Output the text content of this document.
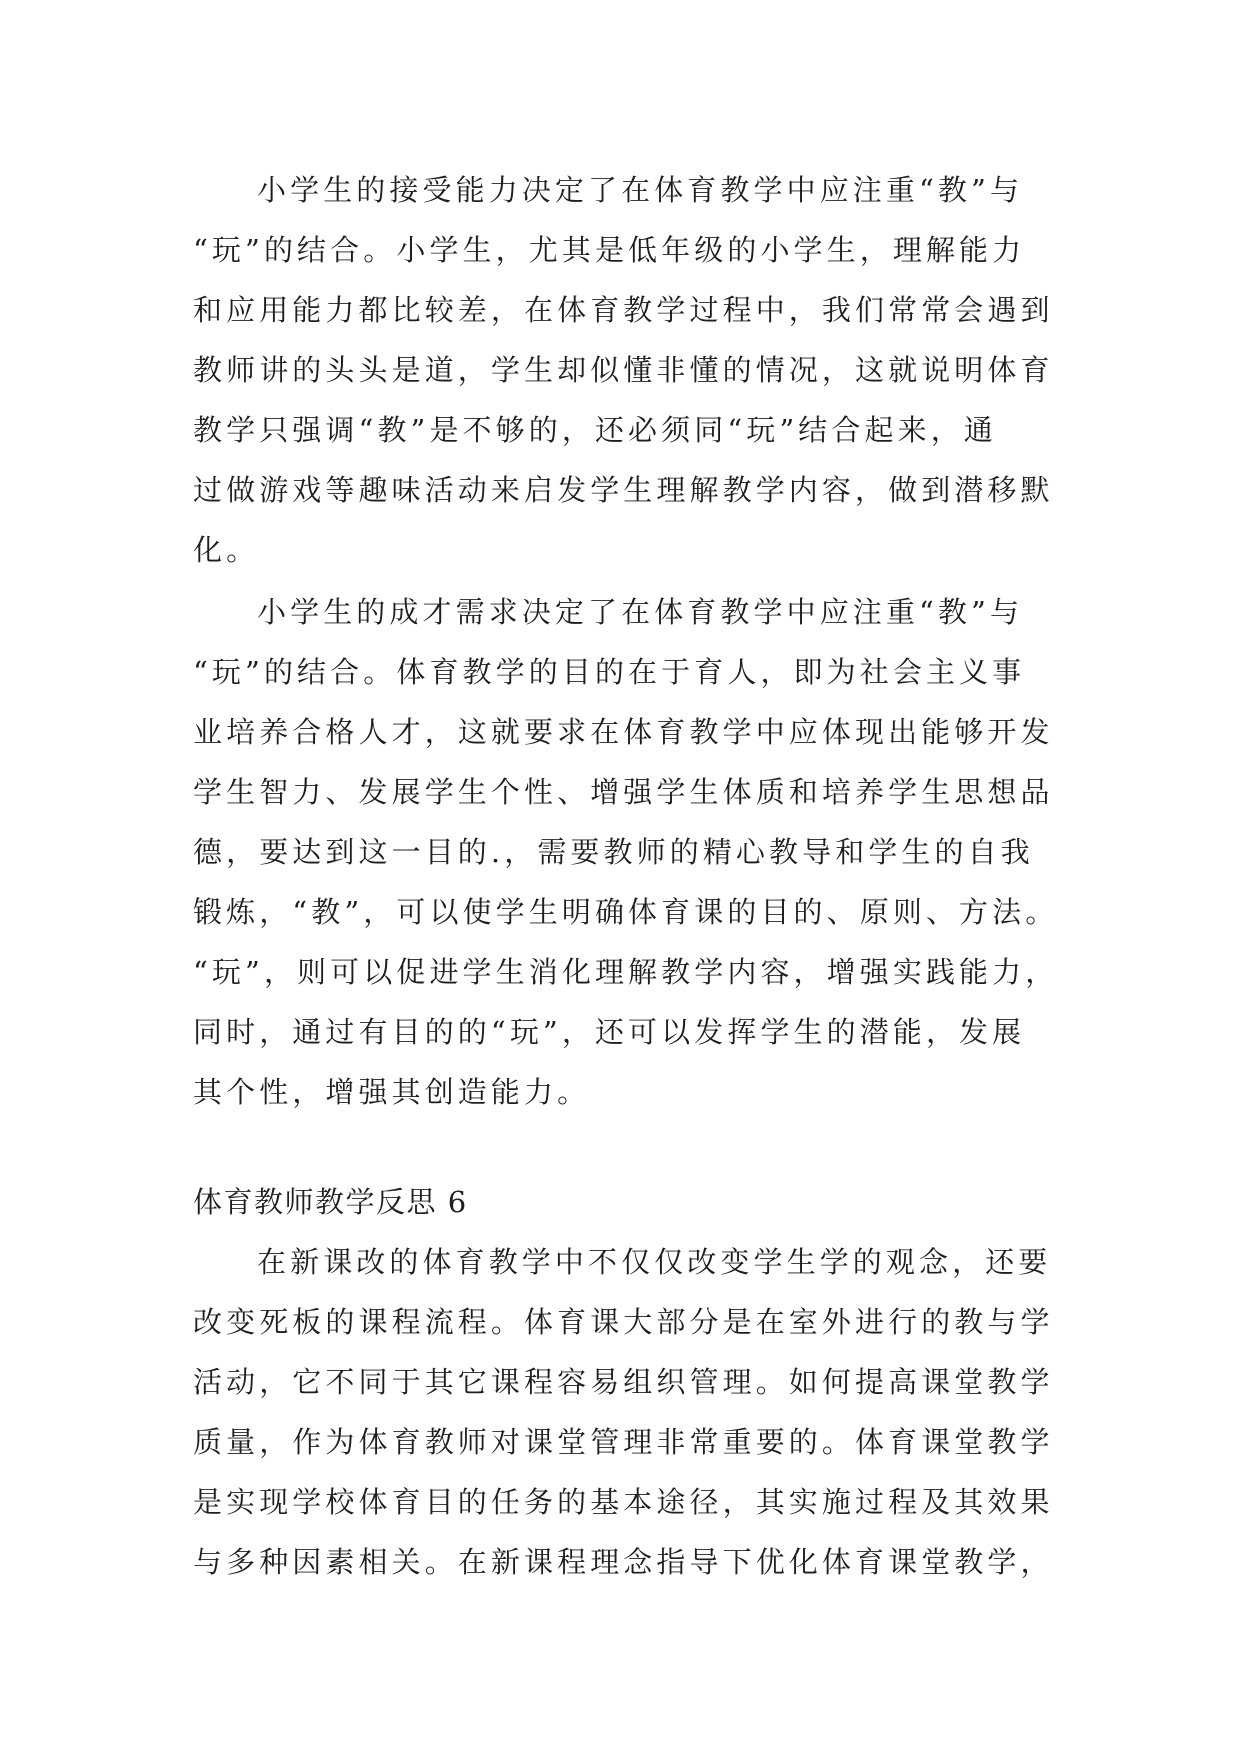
小学生的接受能力决定了在体育教学中应注重“教”与
“玩”的结合。小学生，尤其是低年级的小学生，理解能力
和应用能力都比较差，在体育教学过程中，我们常常会遇到
教师讲的头头是道，学生却似懂非懂的情况，这就说明体育
教学只强调“教”是不够的，还必须同“玩”结合起来，通
过做游戏等趣味活动来启发学生理解教学内容，做到潜移默
化。

小学生的成才需求决定了在体育教学中应注重“教”与
“玩”的结合。体育教学的目的在于育人，即为社会主义事
业培养合格人才，这就要求在体育教学中应体现出能够开发
学生智力、发展学生个性、增强学生体质和培养学生思想品
德，要达到这一目的.，需要教师的精心教导和学生的自我
锻炼，“教”，可以使学生明确体育课的目的、原则、方法。
“玩”，则可以促进学生消化理解教学内容，增强实践能力，
同时，通过有目的的“玩”，还可以发挥学生的潜能，发展
其个性，增强其创造能力。

体育教师教学反思 6

在新课改的体育教学中不仅仅改变学生学的观念，还要
改变死板的课程流程。体育课大部分是在室外进行的教与学
活动，它不同于其它课程容易组织管理。如何提高课堂教学
质量，作为体育教师对课堂管理非常重要的。体育课堂教学
是实现学校体育目的任务的基本途径，其实施过程及其效果
与多种因素相关。在新课程理念指导下优化体育课堂教学，
